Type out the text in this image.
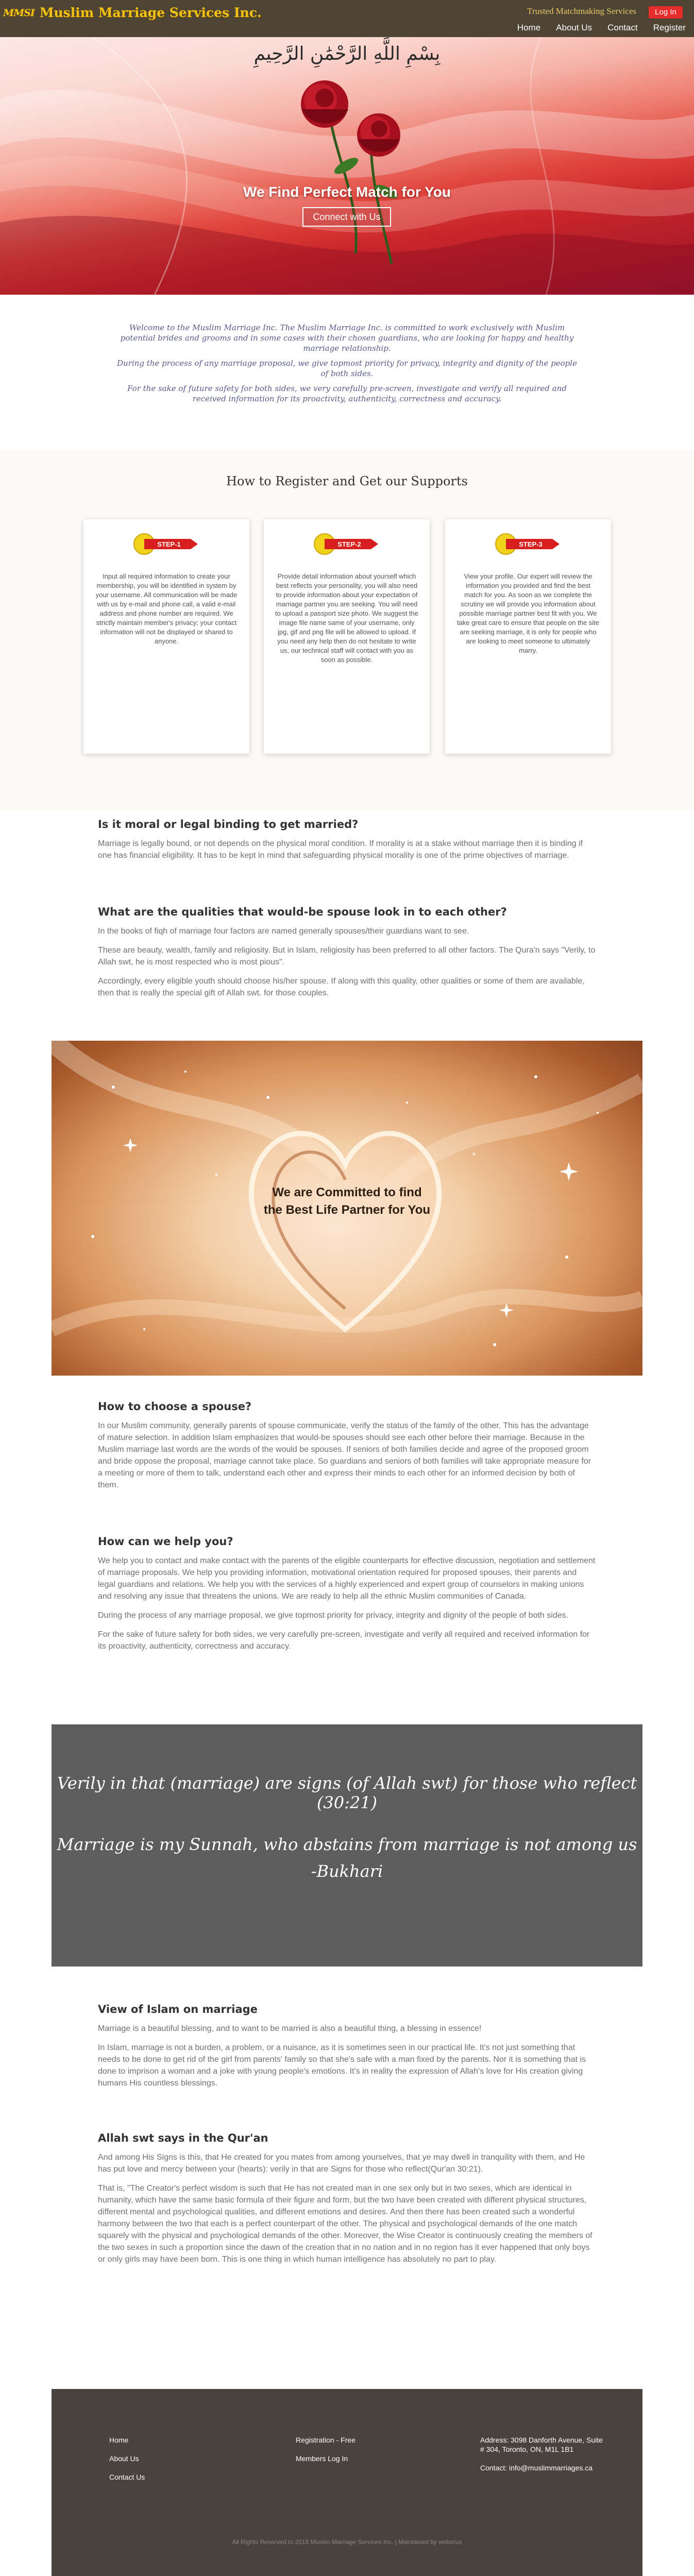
MMSI Muslim Marriage Services Inc.	Trusted Matchmaking Services	Log In
Home About Us Contact Register
بِسْمِ اللَّهِ الرَّحْمَٰنِ الرَّحِيمِ
We Find Perfect Match for You
Connect with Us

Welcome to the Muslim Marriage Inc. The Muslim Marriage Inc. is committed to work exclusively with Muslim potential brides and grooms and in some cases with their chosen guardians, who are looking for happy and healthy marriage relationship.

During the process of any marriage proposal, we give topmost priority for privacy, integrity and dignity of the people of both sides.

For the sake of future safety for both sides, we very carefully pre-screen, investigate and verify all required and received information for its proactivity, authenticity, correctness and accuracy.

How to Register and Get our Supports
STEP-1

Input all required information to create your membership, you will be identified in system by your username. All communication will be made with us by e-mail and phone call, a valid e-mail address and phone number are required. We strictly maintain member's privacy; your contact information will not be displayed or shared to anyone.

STEP-2

Provide detail information about yourself which best reflects your personality, you will also need to provide information about your expectation of marriage partner you are seeking. You will need to upload a passport size photo. We suggest the image file name same of your username, only jpg, gif and png file will be allowed to upload. If you need any help then do not hesitate to write us, our technical staff will contact with you as soon as possible.

STEP-3

View your profile. Our expert will review the information you provided and find the best match for you. As soon as we complete the scrutiny we will provide you information about possible marriage partner best fit with you. We take great care to ensure that people on the site are seeking marriage, it is only for people who are looking to meet someone to ultimately marry.

Is it moral or legal binding to get married?

Marriage is legally bound, or not depends on the physical moral condition. If morality is at a stake without marriage then it is binding if one has financial eligibility. It has to be kept in mind that safeguarding physical morality is one of the prime objectives of marriage.

What are the qualities that would-be spouse look in to each other?

In the books of fiqh of marriage four factors are named generally spouses/their guardians want to see.

These are beauty, wealth, family and religiosity. But in Islam, religiosity has been preferred to all other factors. The Qura'n says "Verily, to Allah swt, he is most respected who is most pious".

Accordingly, every eligible youth should choose his/her spouse. If along with this quality, other qualities or some of them are available, then that is really the special gift of Allah swt. for those couples.

We are Committed to find
the Best Life Partner for You
How to choose a spouse?

In our Muslim community, generally parents of spouse communicate, verify the status of the family of the other. This has the advantage of mature selection. In addition Islam emphasizes that would-be spouses should see each other before their marriage. Because in the Muslim marriage last words are the words of the would be spouses. If seniors of both families decide and agree of the proposed groom and bride oppose the proposal, marriage cannot take place. So guardians and seniors of both families will take appropriate measure for a meeting or more of them to talk, understand each other and express their minds to each other for an informed decision by both of them.

How can we help you?

We help you to contact and make contact with the parents of the eligible counterparts for effective discussion, negotiation and settlement of marriage proposals. We help you providing information, motivational orientation required for proposed spouses, their parents and legal guardians and relations. We help you with the services of a highly experienced and expert group of counselors in making unions and resolving any issue that threatens the unions. We are ready to help all the ethnic Muslim communities of Canada.

During the process of any marriage proposal, we give topmost priority for privacy, integrity and dignity of the people of both sides.

For the sake of future safety for both sides, we very carefully pre-screen, investigate and verify all required and received information for its proactivity, authenticity, correctness and accuracy.

Verily in that (marriage) are signs (of Allah swt) for those who reflect (30:21)
Marriage is my Sunnah, who abstains from marriage is not among us
-Bukhari
View of Islam on marriage

Marriage is a beautiful blessing, and to want to be married is also a beautiful thing, a blessing in essence!

In Islam, marriage is not a burden, a problem, or a nuisance, as it is sometimes seen in our practical life. It's not just something that needs to be done to get rid of the girl from parents' family so that she's safe with a man fixed by the parents. Nor it is something that is done to imprison a woman and a joke with young people's emotions. It's in reality the expression of Allah's love for His creation giving humans His countless blessings.

Allah swt says in the Qur'an

And among His Signs is this, that He created for you mates from among yourselves, that ye may dwell in tranquility with them, and He has put love and mercy between your (hearts): verily in that are Signs for those who reflect(Qur'an 30:21).

That is, "The Creator's perfect wisdom is such that He has not created man in one sex only but in two sexes, which are identical in humanity, which have the same basic formula of their figure and form, but the two have been created with different physical structures, different mental and psychological qualities, and different emotions and desires. And then there has been created such a wonderful harmony between the two that each is a perfect counterpart of the other. The physical and psychological demands of the one match squarely with the physical and psychological demands of the other. Moreover, the Wise Creator is continuously creating the members of the two sexes in such a proportion since the dawn of the creation that in no nation and in no region has it ever happened that only boys or only girls may have been born. This is one thing in which human intelligence has absolutely no part to play.

Home
About Us
Contact Us
Registration - Free
Members Log In
Address: 3098 Danforth Avenue, Suite # 304, Toronto, ON, M1L 1B1
Contact: info@muslimmarriages.ca
All Rights Reserved to 2015 Muslim Marriage Services Inc. | Maintained by weborus
